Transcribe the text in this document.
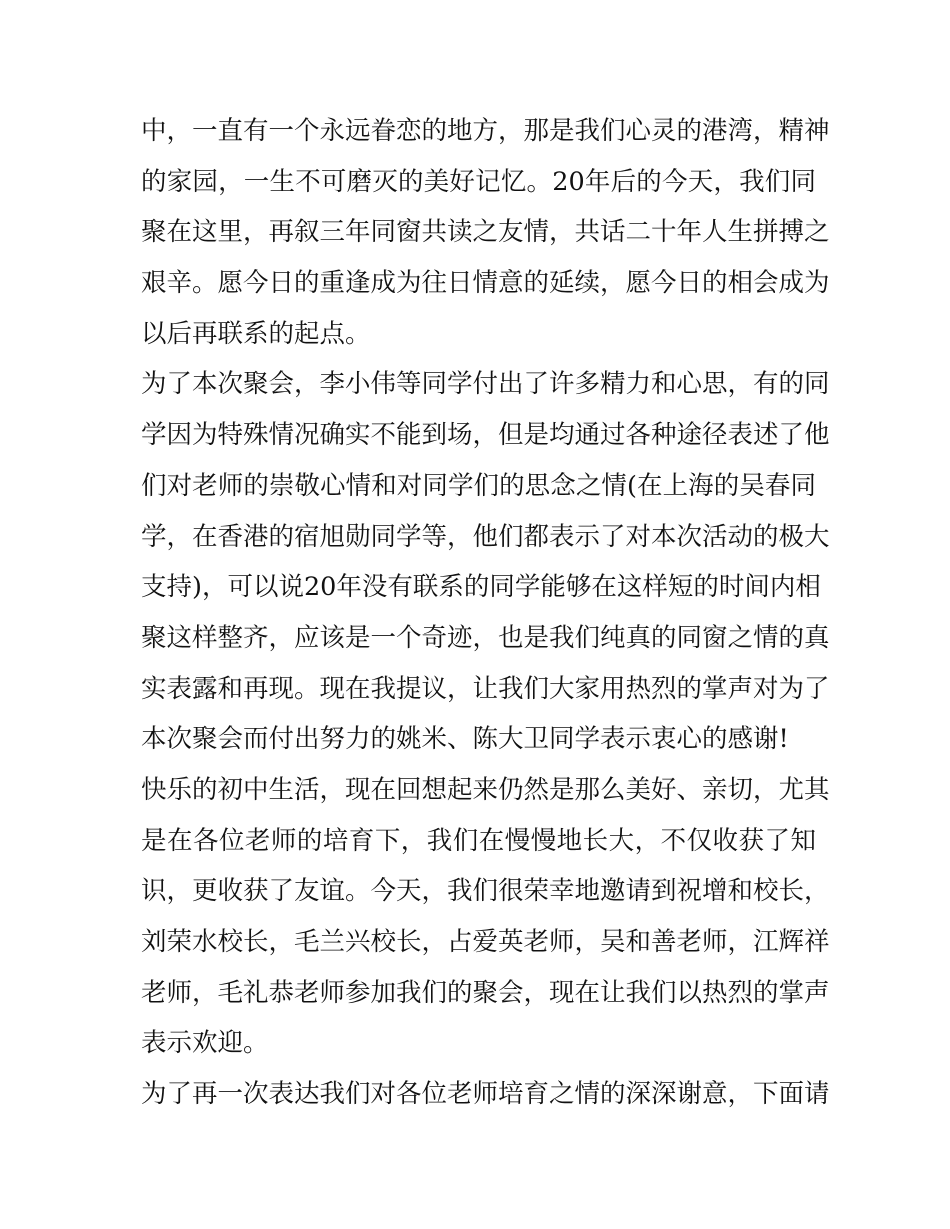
中，一直有一个永远眷恋的地方，那是我们心灵的港湾，精神
的家园，一生不可磨灭的美好记忆。20年后的今天，我们同
聚在这里，再叙三年同窗共读之友情，共话二十年人生拼搏之
艰辛。愿今日的重逢成为往日情意的延续，愿今日的相会成为
以后再联系的起点。
为了本次聚会，李小伟等同学付出了许多精力和心思，有的同
学因为特殊情况确实不能到场，但是均通过各种途径表述了他
们对老师的崇敬心情和对同学们的思念之情(在上海的吴春同
学，在香港的宿旭勋同学等，他们都表示了对本次活动的极大
支持)，可以说20年没有联系的同学能够在这样短的时间内相
聚这样整齐，应该是一个奇迹，也是我们纯真的同窗之情的真
实表露和再现。现在我提议，让我们大家用热烈的掌声对为了
本次聚会而付出努力的姚米、陈大卫同学表示衷心的感谢!
快乐的初中生活，现在回想起来仍然是那么美好、亲切，尤其
是在各位老师的培育下，我们在慢慢地长大，不仅收获了知
识，更收获了友谊。今天，我们很荣幸地邀请到祝增和校长，
刘荣水校长，毛兰兴校长，占爱英老师，吴和善老师，江辉祥
老师，毛礼恭老师参加我们的聚会，现在让我们以热烈的掌声
表示欢迎。
为了再一次表达我们对各位老师培育之情的深深谢意，下面请
